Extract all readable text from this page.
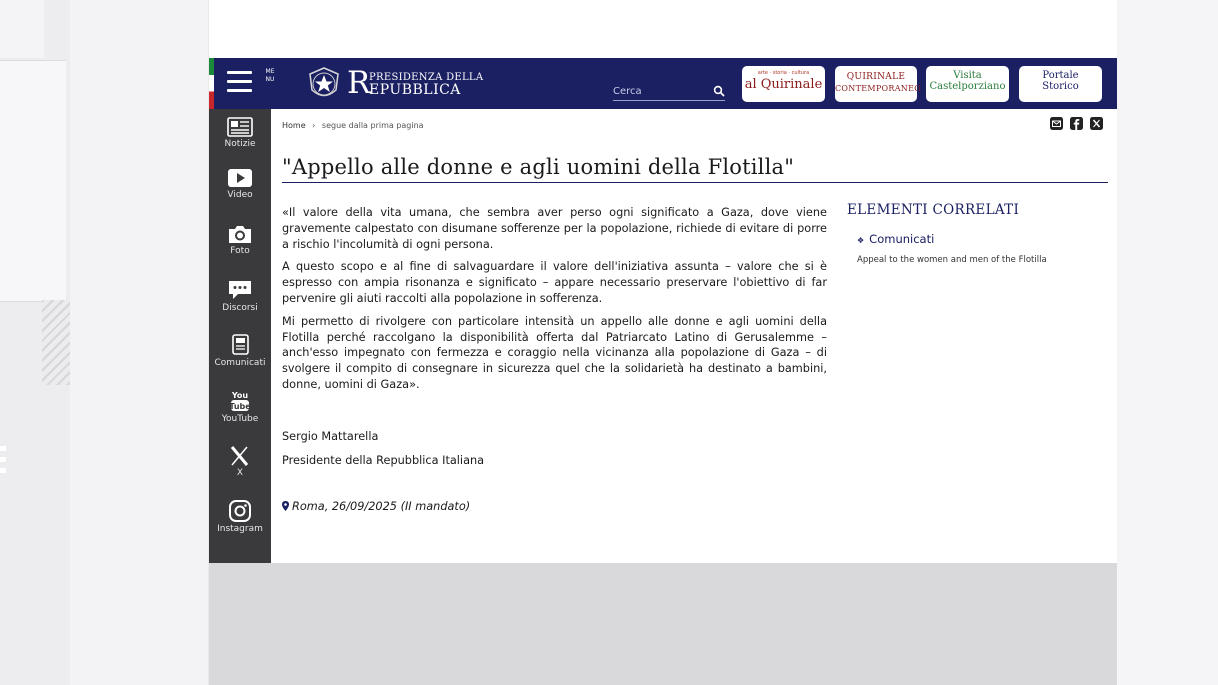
MENU R
PRESIDENZA DELLA
EPUBBLICA
Cerca
arte · storia · cultura
al Quirinale	QUIRINALE
CONTEMPORANEO
Visita
Castelporziano
Portale
Storico
Notizie
Video
Foto
Discorsi
Comunicati
You
Tube
YouTube
X
Instagram
Home › segue dalla prima pagina
"Appello alle donne e agli uomini della Flotilla"

«Il valore della vita umana, che sembra aver perso ogni significato a Gaza, dove viene gravemente calpestato con disumane sofferenze per la popolazione, richiede di evitare di porre a rischio l'incolumità di ogni persona.

A questo scopo e al fine di salvaguardare il valore dell'iniziativa assunta – valore che si è espresso con ampia risonanza e significato – appare necessario preservare l'obiettivo di far pervenire gli aiuti raccolti alla popolazione in sofferenza.

Mi permetto di rivolgere con particolare intensità un appello alle donne e agli uomini della Flotilla perché raccolgano la disponibilità offerta dal Patriarcato Latino di Gerusalemme – anch'esso impegnato con fermezza e coraggio nella vicinanza alla popolazione di Gaza – di svolgere il compito di consegnare in sicurezza quel che la solidarietà ha destinato a bambini, donne, uomini di Gaza».

Sergio Mattarella
Presidente della Repubblica Italiana
Roma, 26/09/2025 (II mandato)
ELEMENTI CORRELATI
❖ Comunicati
Appeal to the women and men of the Flotilla
